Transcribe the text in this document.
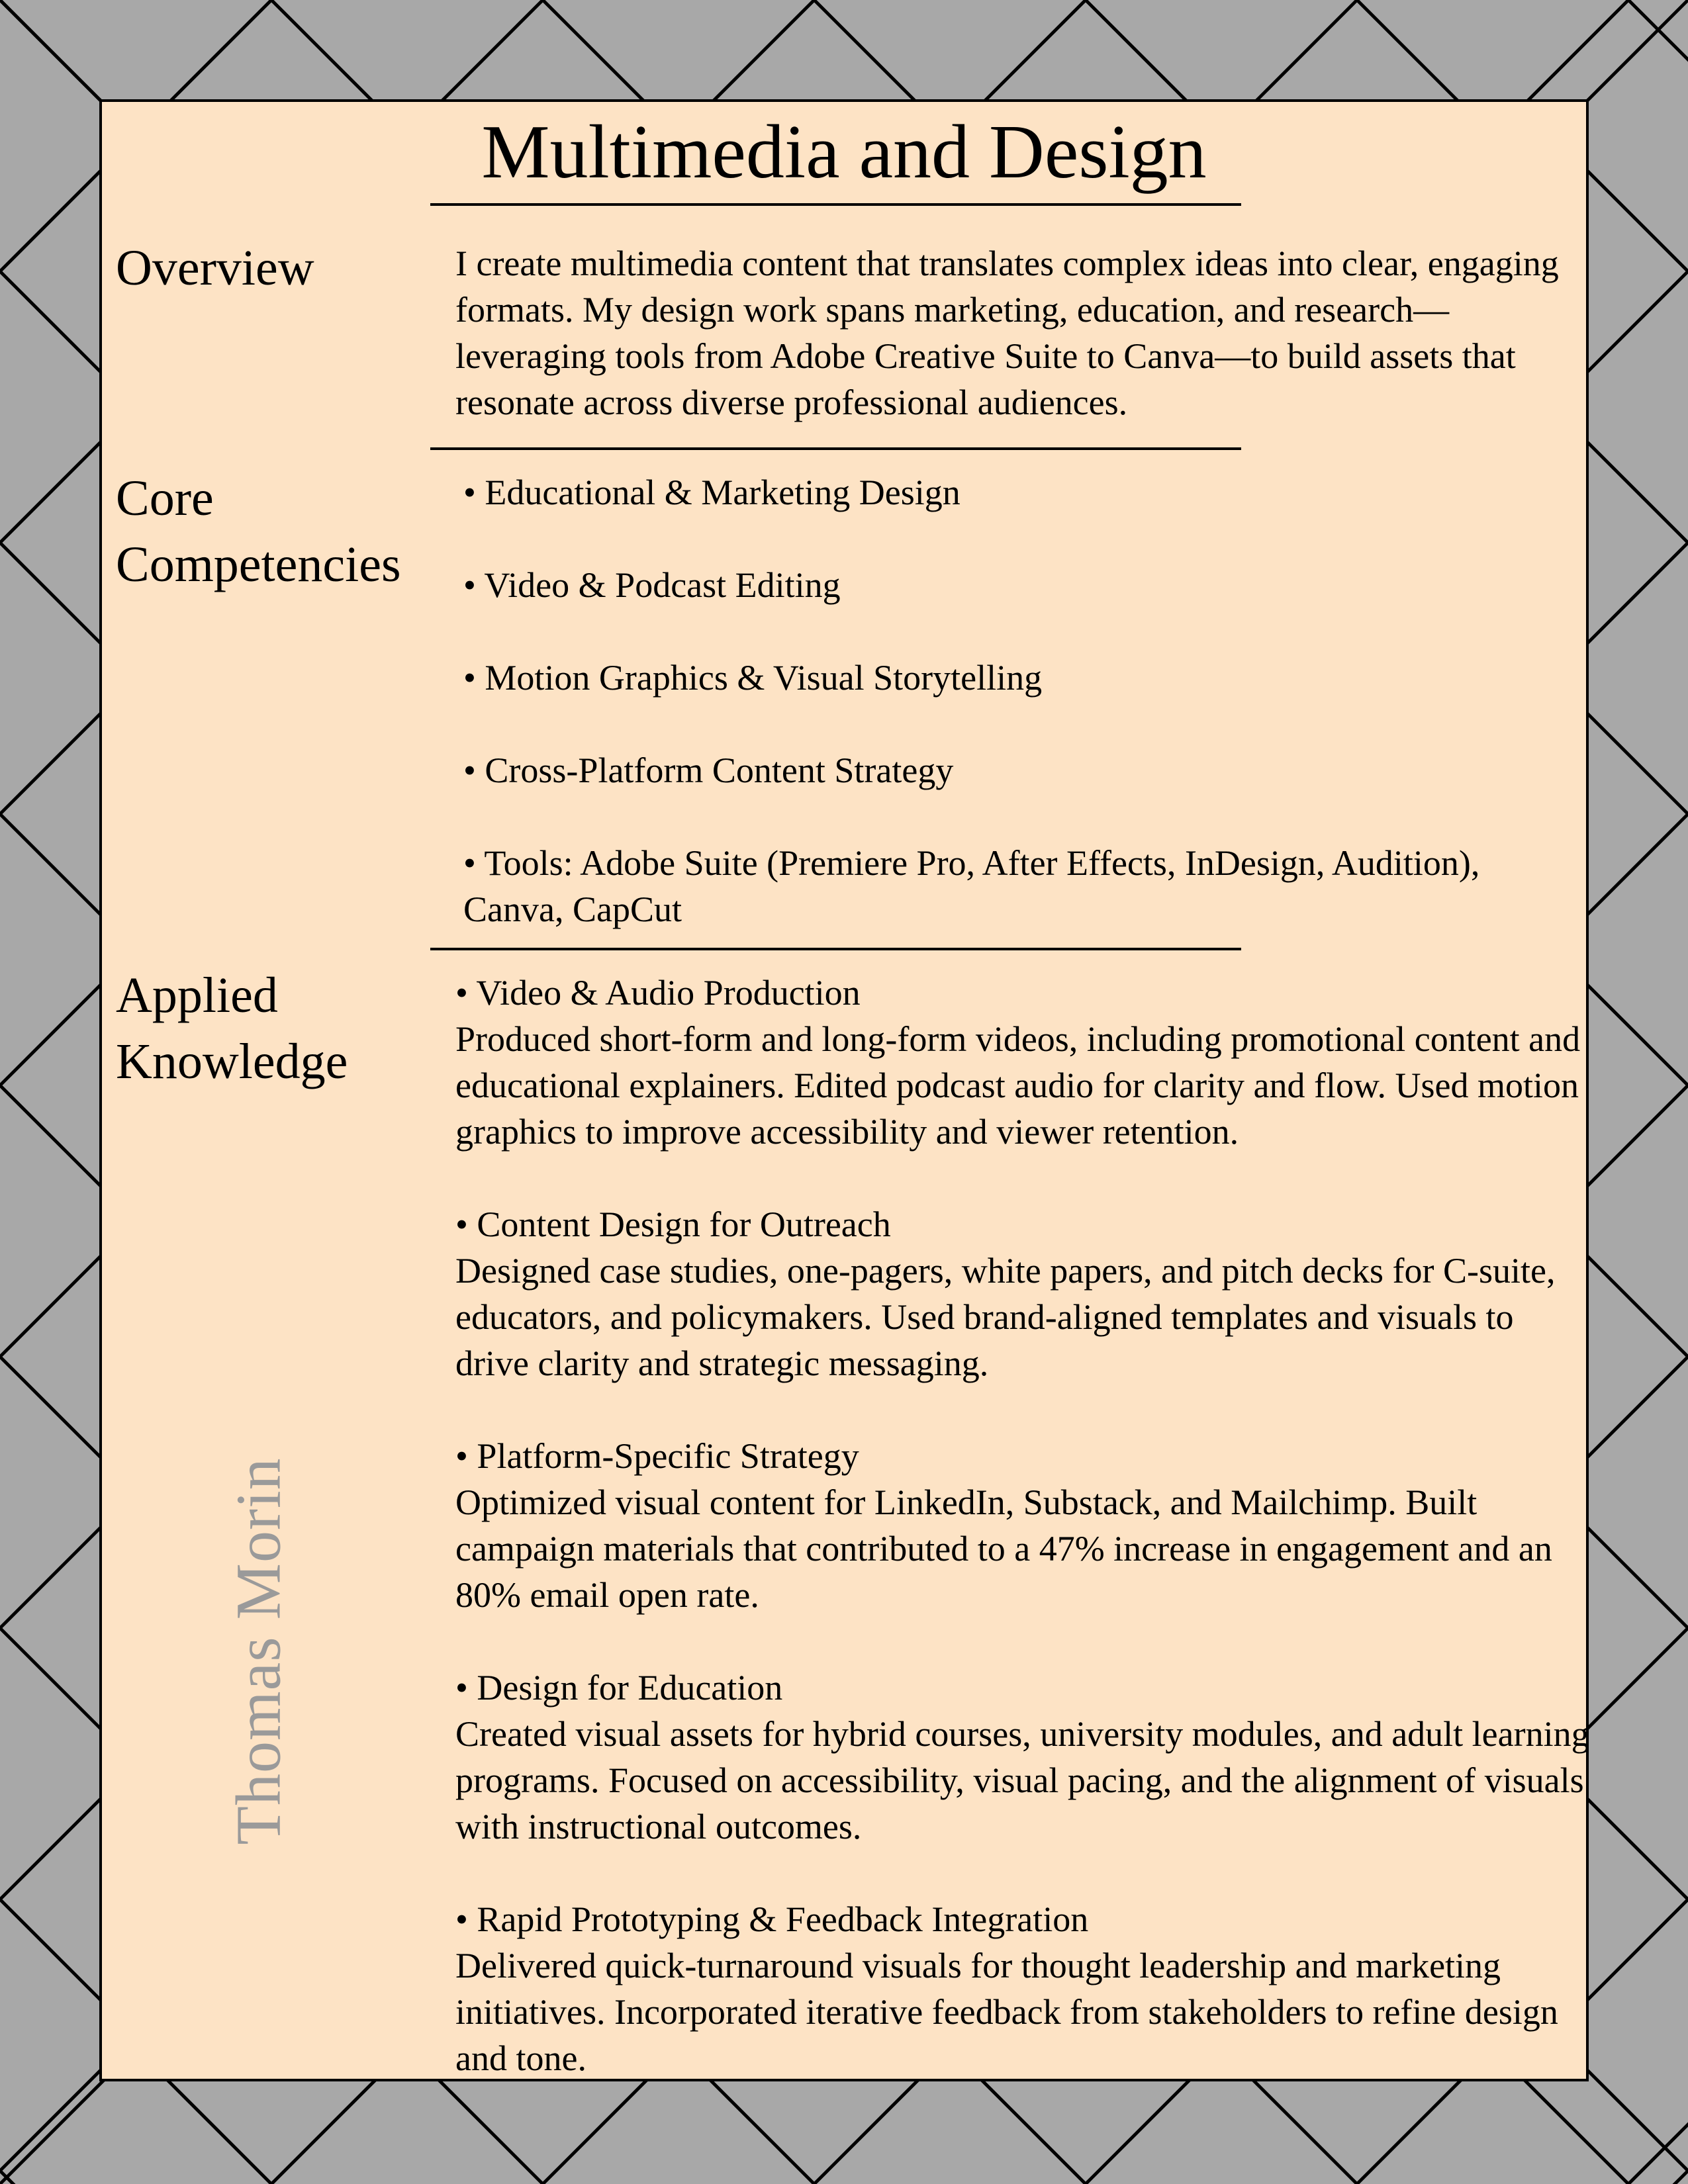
Multimedia and Design
Overview	I create multimedia content that translates complex ideas into clear, engaging formats. My design work spans marketing, education, and research—leveraging tools from Adobe Creative Suite to Canva—to build assets that resonate across diverse professional audiences.
Core
Competencies
• Educational & Marketing Design
• Video & Podcast Editing
• Motion Graphics & Visual Storytelling
• Cross-Platform Content Strategy
• Tools: Adobe Suite (Premiere Pro, After Effects, InDesign, Audition), Canva, CapCut
Applied
Knowledge
• Video & Audio Production
Produced short-form and long-form videos, including promotional content and educational explainers. Edited podcast audio for clarity and flow. Used motion graphics to improve accessibility and viewer retention.
• Content Design for Outreach
Designed case studies, one-pagers, white papers, and pitch decks for C-suite, educators, and policymakers. Used brand-aligned templates and visuals to drive clarity and strategic messaging.
• Platform-Specific Strategy
Optimized visual content for LinkedIn, Substack, and Mailchimp. Built campaign materials that contributed to a 47% increase in engagement and an 80% email open rate.
• Design for Education
Created visual assets for hybrid courses, university modules, and adult learning programs. Focused on accessibility, visual pacing, and the alignment of visuals with instructional outcomes.
• Rapid Prototyping & Feedback Integration
Delivered quick-turnaround visuals for thought leadership and marketing initiatives. Incorporated iterative feedback from stakeholders to refine design and tone.
Thomas Morin
